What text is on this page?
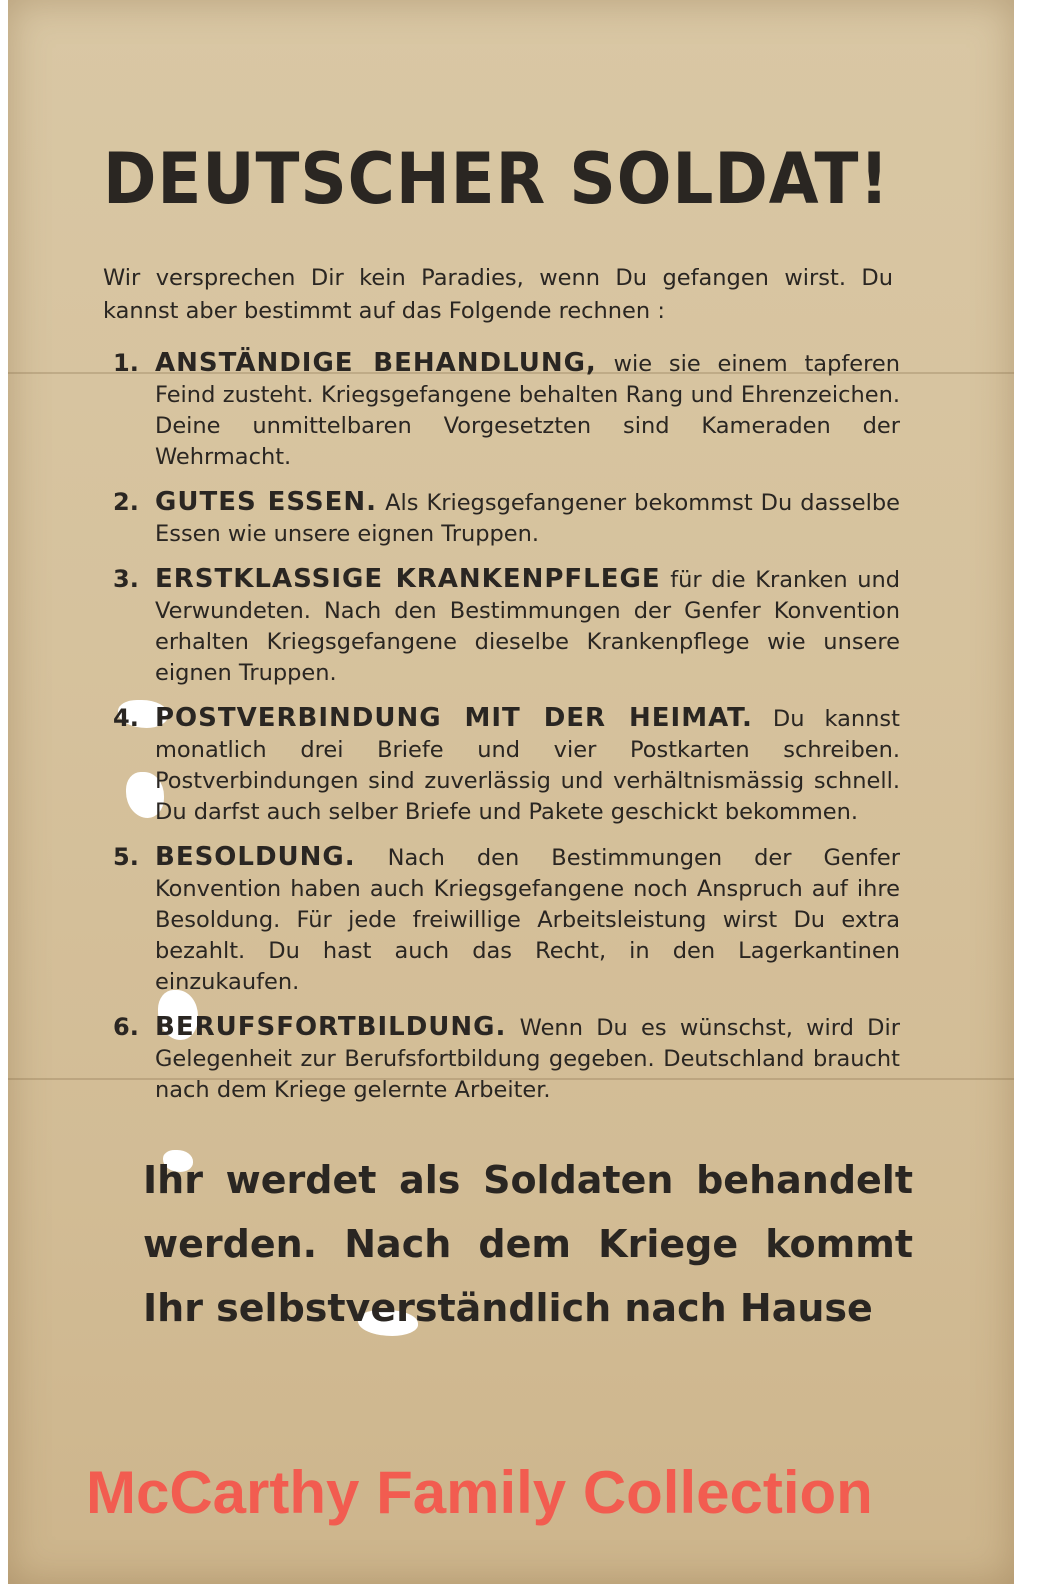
DEUTSCHER SOLDAT!
Wir versprechen Dir kein Paradies, wenn Du gefangen wirst. Du kannst aber bestimmt auf das Folgende rechnen :
1. ANSTÄNDIGE BEHANDLUNG, wie sie einem tapferen Feind zusteht. Kriegsgefangene behalten Rang und Ehrenzeichen. Deine unmittelbaren Vorgesetzten sind Kameraden der Wehrmacht.
2. GUTES ESSEN. Als Kriegsgefangener bekommst Du dasselbe Essen wie unsere eignen Truppen.
3. ERSTKLASSIGE KRANKENPFLEGE für die Kranken und Verwundeten. Nach den Bestimmungen der Genfer Konvention erhalten Kriegsgefangene dieselbe Krankenpflege wie unsere eignen Truppen.
4. POSTVERBINDUNG MIT DER HEIMAT. Du kannst monatlich drei Briefe und vier Postkarten schreiben. Postverbindungen sind zuverlässig und verhältnismässig schnell. Du darfst auch selber Briefe und Pakete geschickt bekommen.
5. BESOLDUNG. Nach den Bestimmungen der Genfer Konvention haben auch Kriegsgefangene noch Anspruch auf ihre Besoldung. Für jede freiwillige Arbeitsleistung wirst Du extra bezahlt. Du hast auch das Recht, in den Lagerkantinen einzukaufen.
6. BERUFSFORTBILDUNG. Wenn Du es wünschst, wird Dir Gelegenheit zur Berufsfortbildung gegeben. Deutschland braucht nach dem Kriege gelernte Arbeiter.
Ihr werdet als Soldaten behandelt werden. Nach dem Kriege kommt Ihr selbstverständlich nach Hause
McCarthy Family Collection
